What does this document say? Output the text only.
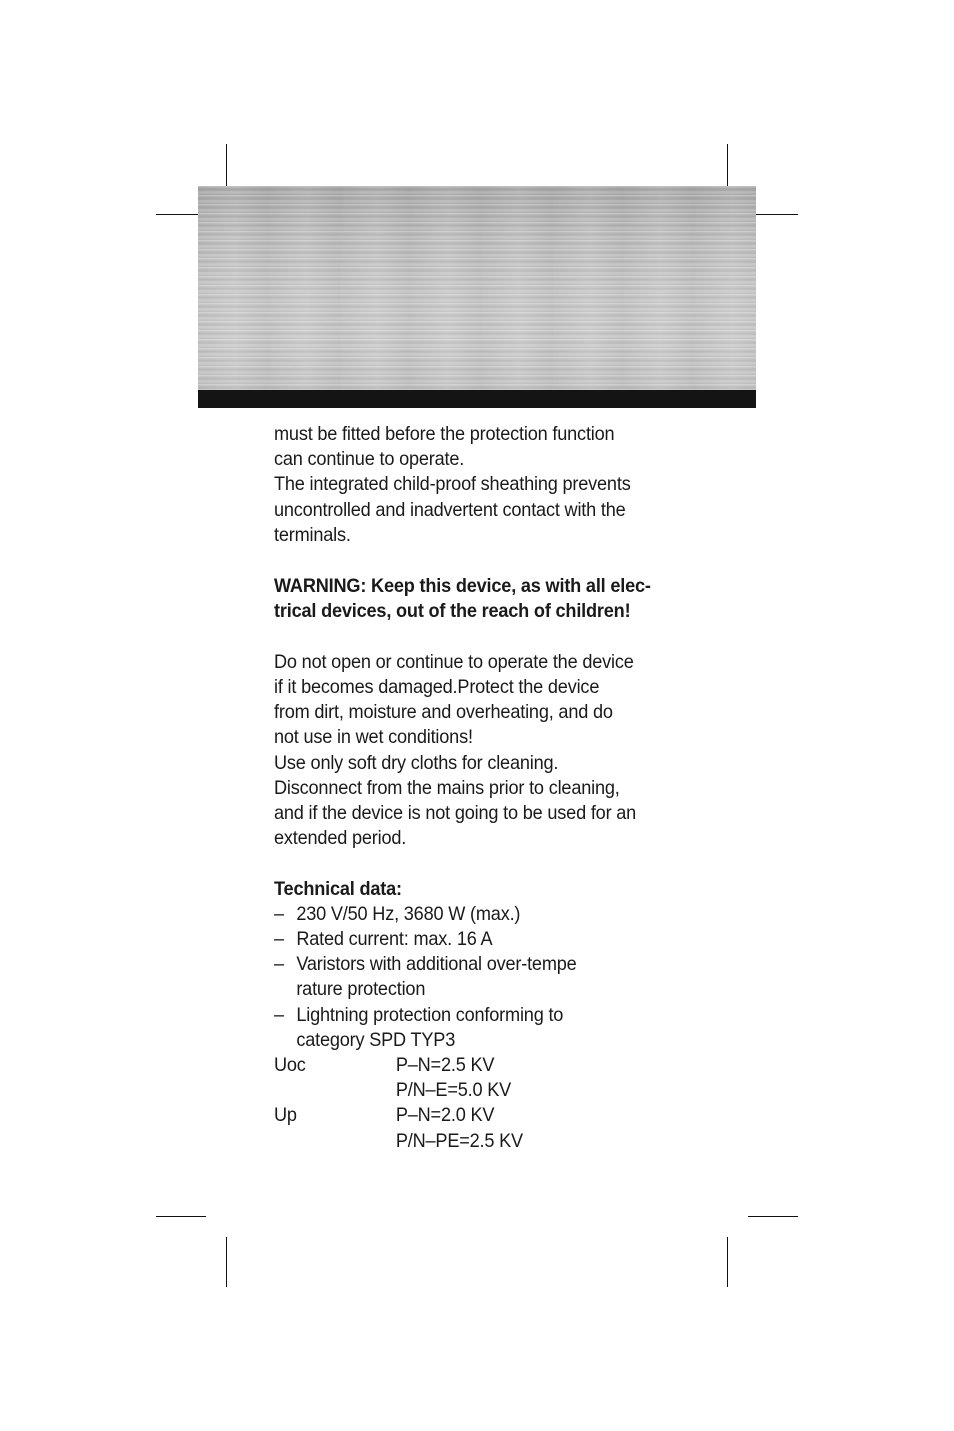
must be fitted before the protection function
can continue to operate.

The integrated child-proof sheathing prevents
uncontrolled and inadvertent contact with the
terminals.

WARNING: Keep this device, as with all elec-
trical devices, out of the reach of children!

Do not open or continue to operate the device
if it becomes damaged.Protect the device
from dirt, moisture and overheating, and do
not use in wet conditions!

Use only soft dry cloths for cleaning.
Disconnect from the mains prior to cleaning,
and if the device is not going to be used for an
extended period.

Technical data:

– 230 V/50 Hz, 3680 W (max.)
– Rated current: max. 16 A
– Varistors with additional over-tempe
rature protection
– Lightning protection conforming to
category SPD TYP3
Uoc	P–N=2.5 KV
P/N–E=5.0 KV
Up	P–N=2.0 KV
P/N–PE=2.5 KV
